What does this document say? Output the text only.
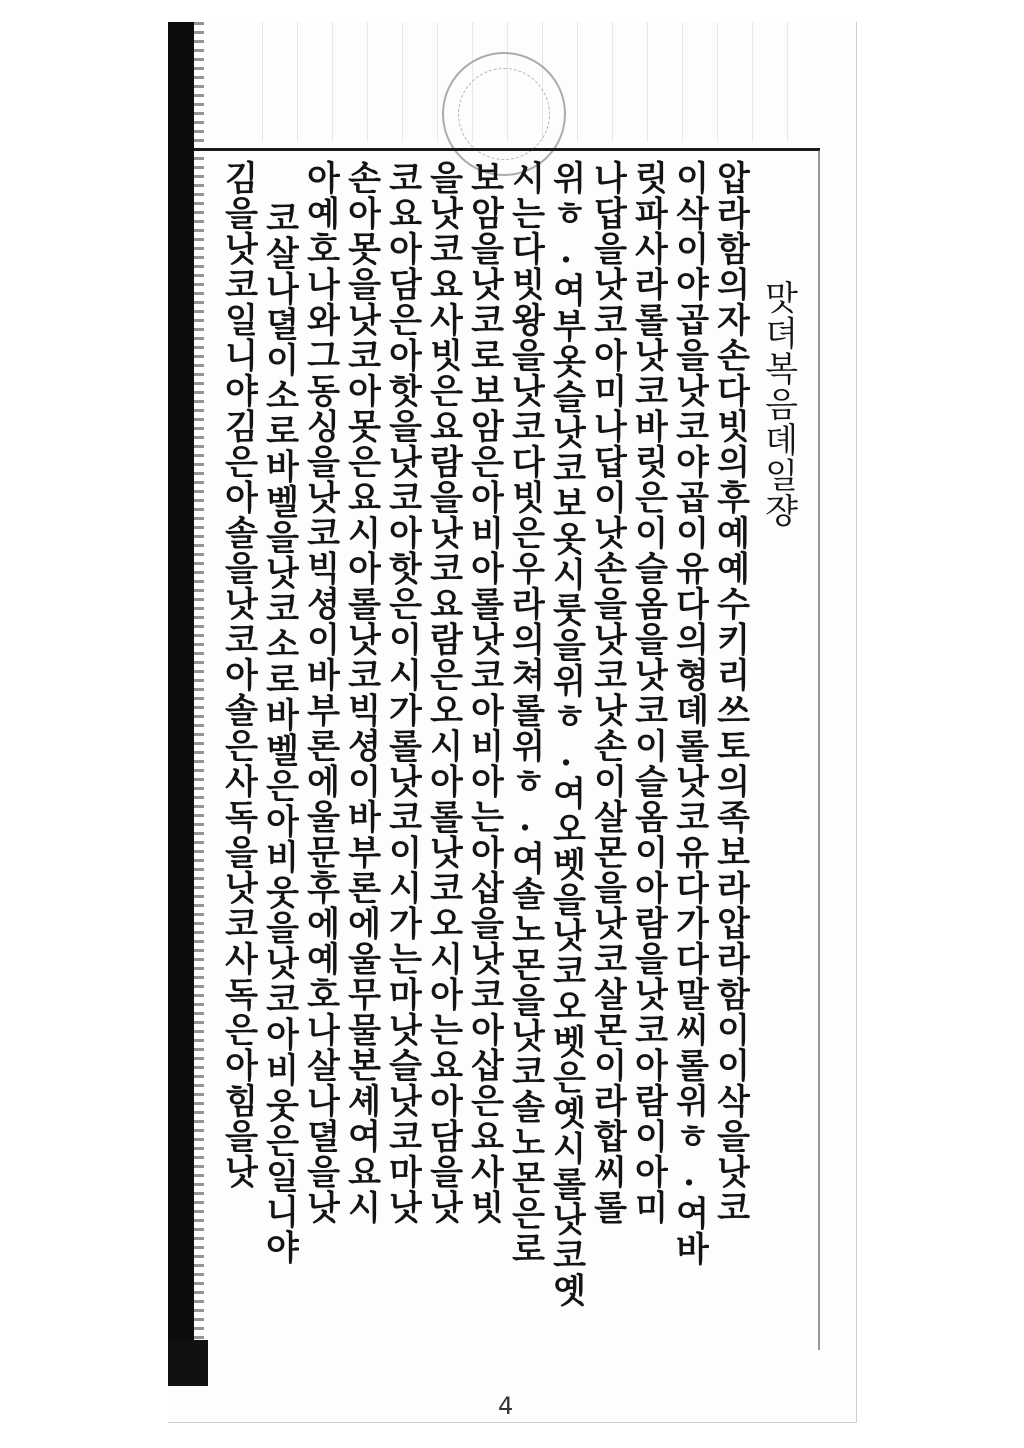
맛뎌복음뎨일쟝
압라함의자손다빗의후예예수키리쓰토의족보라압라함이이삭을낫코
이삭이야곱을낫코야곱이유다의형뎨롤낫코유다가다말씨롤위ㅎ.여바
릿파사라롤낫코바릿은이슬옴을낫코이슬옴이아람을낫코아람이아미
나답을낫코아미나답이낫손을낫코낫손이살몬을낫코살몬이라합씨롤
위ㅎ.여부옷슬낫코보옷시룻을위ㅎ.여오벳을낫코오벳은옛시롤낫코옛
시는다빗왕을낫코다빗은우라의쳐롤위ㅎ.여솔노몬을낫코솔노몬은로
보암을낫코로보암은아비아롤낫코아비아는아삽을낫코아삽은요사빗
을낫코요사빗은요람을낫코요람은오시아롤낫코오시아는요아담을낫
코요아담은아핫을낫코아핫은이시가롤낫코이시가는마낫슬낫코마낫
손아못을낫코아못은요시아롤낫코빅셩이바부론에울무물본셰여요시
아예호나와그동싱을낫코빅셩이바부론에울문후에예호나살나뎔을낫
코살나뎔이소로바벨을낫코소로바벨은아비웃을낫코아비웃은일니야
김을낫코일니야김은아솔을낫코아솔은사독을낫코사독은아힘을낫
4
